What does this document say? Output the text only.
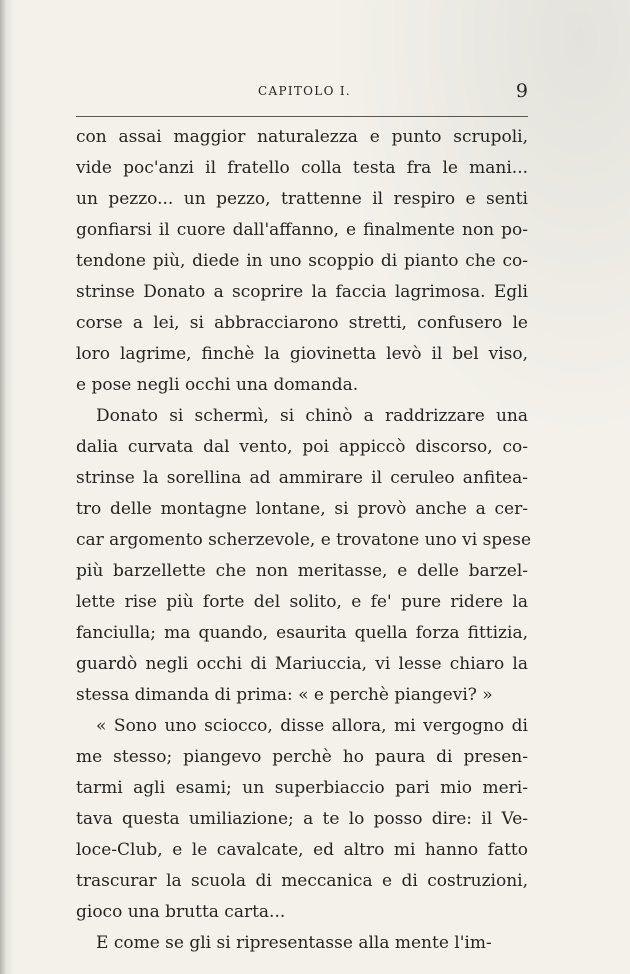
CAPITOLO I.	9
con assai maggior naturalezza e punto scrupoli,
vide poc'anzi il fratello colla testa fra le mani...
un pezzo... un pezzo, trattenne il respiro e senti
gonfiarsi il cuore dall'affanno, e finalmente non po-
tendone più, diede in uno scoppio di pianto che co-
strinse Donato a scoprire la faccia lagrimosa. Egli
corse a lei, si abbracciarono stretti, confusero le
loro lagrime, finchè la giovinetta levò il bel viso,
e pose negli occhi una domanda.
Donato si schermì, si chinò a raddrizzare una
dalia curvata dal vento, poi appiccò discorso, co-
strinse la sorellina ad ammirare il ceruleo anfitea-
tro delle montagne lontane, si provò anche a cer-
car argomento scherzevole, e trovatone uno vi spese
più barzellette che non meritasse, e delle barzel-
lette rise più forte del solito, e fe' pure ridere la
fanciulla; ma quando, esaurita quella forza fittizia,
guardò negli occhi di Mariuccia, vi lesse chiaro la
stessa dimanda di prima: « e perchè piangevi? »
« Sono uno sciocco, disse allora, mi vergogno di
me stesso; piangevo perchè ho paura di presen-
tarmi agli esami; un superbiaccio pari mio meri-
tava questa umiliazione; a te lo posso dire: il Ve-
loce-Club, e le cavalcate, ed altro mi hanno fatto
trascurar la scuola di meccanica e di costruzioni,
gioco una brutta carta...
E come se gli si ripresentasse alla mente l'im-
